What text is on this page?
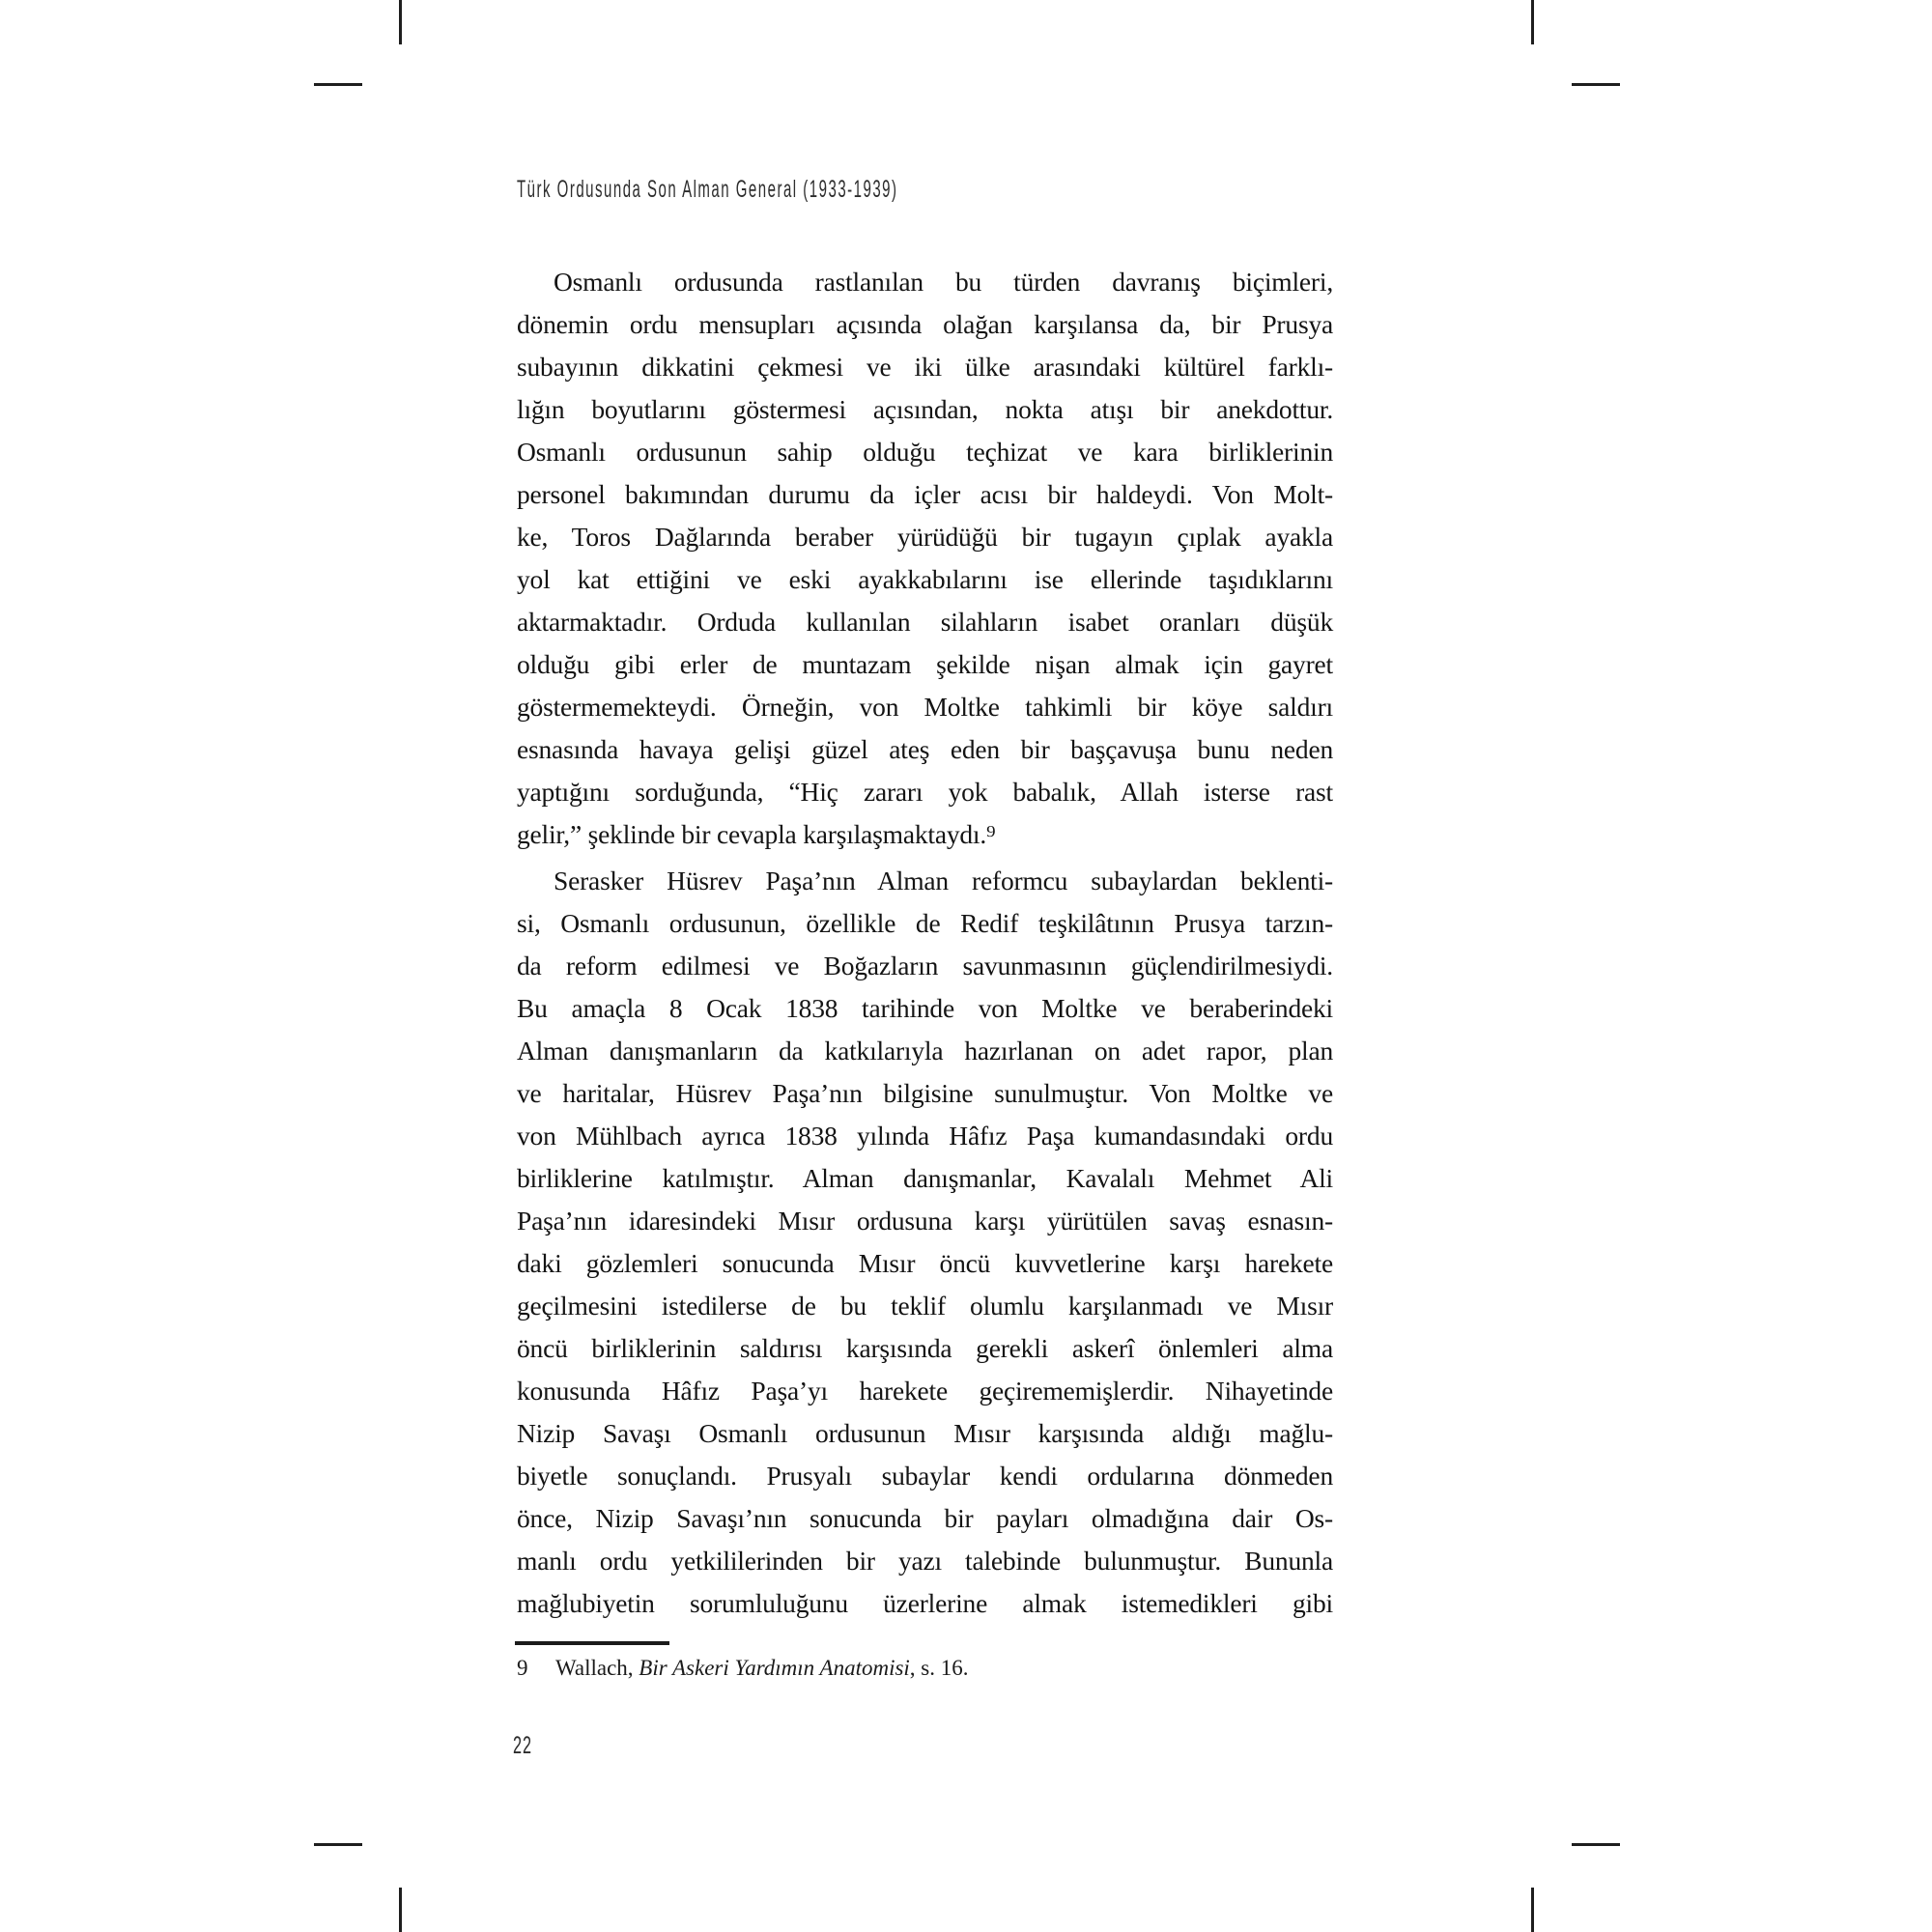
Türk Ordusunda Son Alman General (1933-1939)
Osmanlı ordusunda rastlanılan bu türden davranış biçimleri,
dönemin ordu mensupları açısında olağan karşılansa da, bir Prusya
subayının dikkatini çekmesi ve iki ülke arasındaki kültürel farklı-
lığın boyutlarını göstermesi açısından, nokta atışı bir anekdottur.
Osmanlı ordusunun sahip olduğu teçhizat ve kara birliklerinin
personel bakımından durumu da içler acısı bir haldeydi. Von Molt-
ke, Toros Dağlarında beraber yürüdüğü bir tugayın çıplak ayakla
yol kat ettiğini ve eski ayakkabılarını ise ellerinde taşıdıklarını
aktarmaktadır. Orduda kullanılan silahların isabet oranları düşük
olduğu gibi erler de muntazam şekilde nişan almak için gayret
göstermemekteydi. Örneğin, von Moltke tahkimli bir köye saldırı
esnasında havaya gelişi güzel ateş eden bir başçavuşa bunu neden
yaptığını sorduğunda, “Hiç zararı yok babalık, Allah isterse rast
gelir,” şeklinde bir cevapla karşılaşmaktaydı.⁹
Serasker Hüsrev Paşa’nın Alman reformcu subaylardan beklenti-
si, Osmanlı ordusunun, özellikle de Redif teşkilâtının Prusya tarzın-
da reform edilmesi ve Boğazların savunmasının güçlendirilmesiydi.
Bu amaçla 8 Ocak 1838 tarihinde von Moltke ve beraberindeki
Alman danışmanların da katkılarıyla hazırlanan on adet rapor, plan
ve haritalar, Hüsrev Paşa’nın bilgisine sunulmuştur. Von Moltke ve
von Mühlbach ayrıca 1838 yılında Hâfız Paşa kumandasındaki ordu
birliklerine katılmıştır. Alman danışmanlar, Kavalalı Mehmet Ali
Paşa’nın idaresindeki Mısır ordusuna karşı yürütülen savaş esnasın-
daki gözlemleri sonucunda Mısır öncü kuvvetlerine karşı harekete
geçilmesini istedilerse de bu teklif olumlu karşılanmadı ve Mısır
öncü birliklerinin saldırısı karşısında gerekli askerî önlemleri alma
konusunda Hâfız Paşa’yı harekete geçirememişlerdir. Nihayetinde
Nizip Savaşı Osmanlı ordusunun Mısır karşısında aldığı mağlu-
biyetle sonuçlandı. Prusyalı subaylar kendi ordularına dönmeden
önce, Nizip Savaşı’nın sonucunda bir payları olmadığına dair Os-
manlı ordu yetkililerinden bir yazı talebinde bulunmuştur. Bununla
mağlubiyetin sorumluluğunu üzerlerine almak istemedikleri gibi
9 Wallach, Bir Askeri Yardımın Anatomisi, s. 16.
22
